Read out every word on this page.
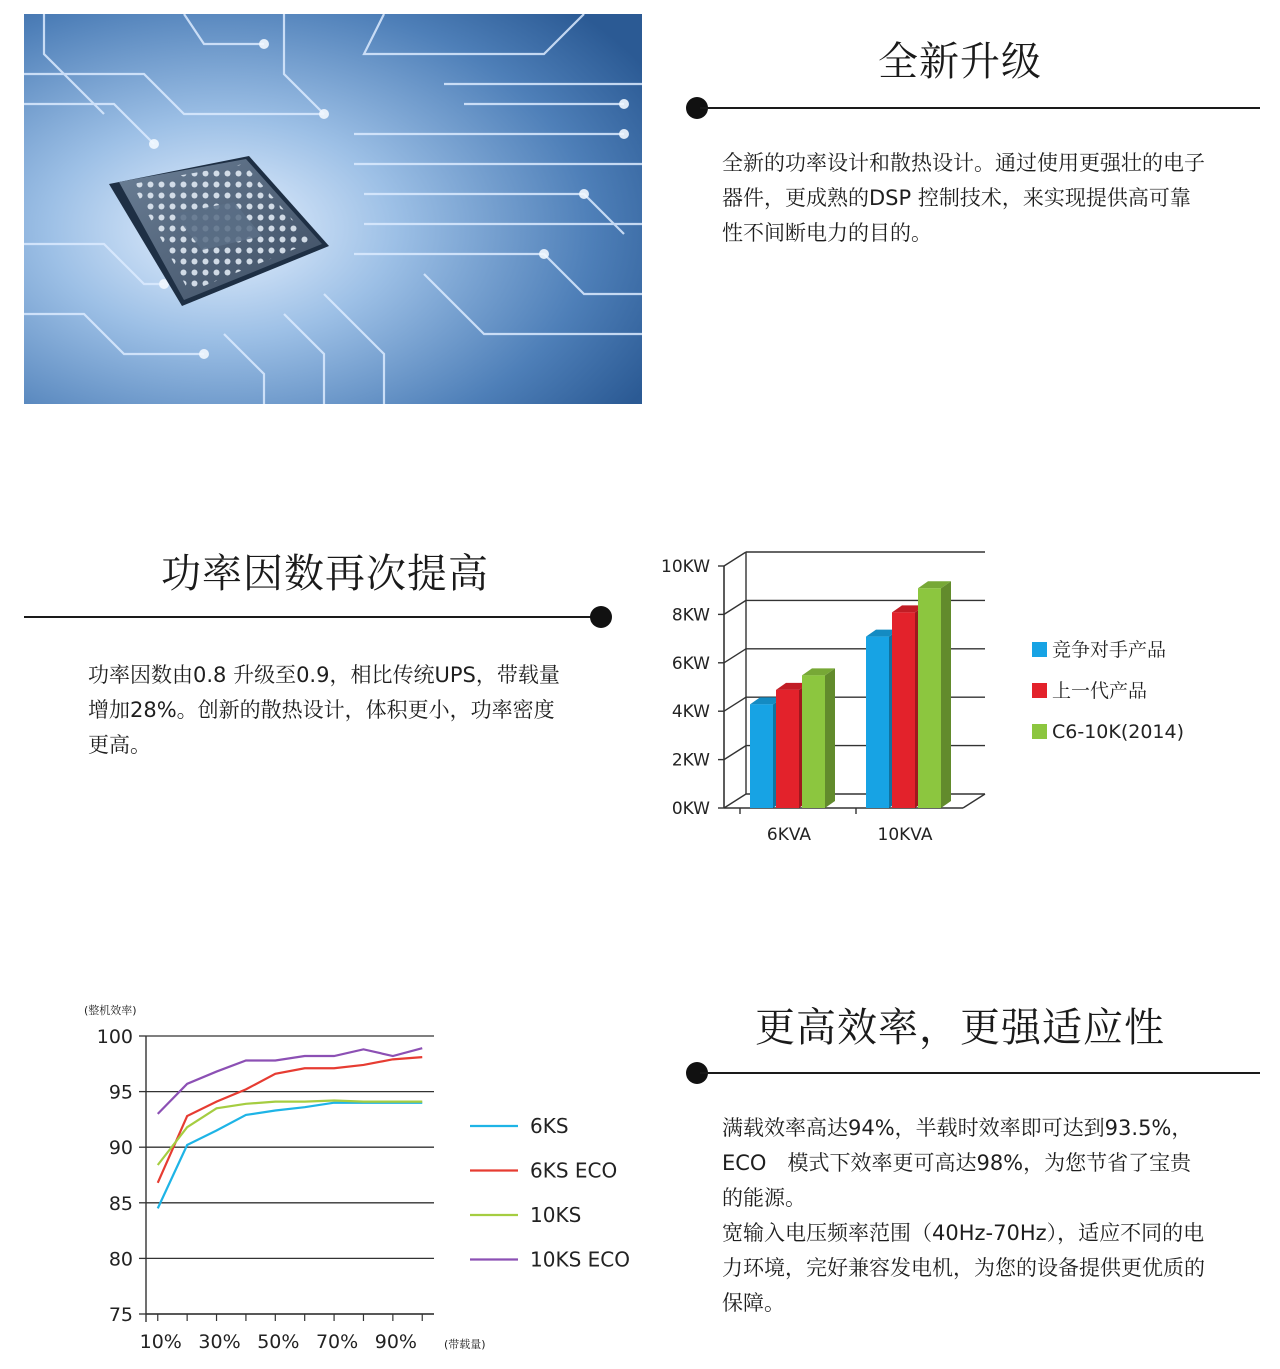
全新升级
全新的功率设计和散热设计。通过使用更强壮的电子器件，更成熟的DSP 控制技术，来实现提供高可靠性不间断电力的目的。
功率因数再次提高
功率因数由0.8 升级至0.9，相比传统UPS，带载量增加28%。创新的散热设计，体积更小，功率密度更高。
0KW
2KW
4KW
6KW
8KW
10KW
6KVA	10KVA
竞争对手产品
上一代产品
C6-10K(2014)
(整机效率)
75
80
85
90
95
100
10% 30% 50% 70% 90% (带载量)
6KS
6KS ECO
10KS
10KS ECO
更高效率，更强适应性

满载效率高达94%，半载时效率即可达到93.5%，ECO　模式下效率更可高达98%，为您节省了宝贵的能源。

宽输入电压频率范围（40Hz-70Hz），适应不同的电力环境，完好兼容发电机，为您的设备提供更优质的保障。
